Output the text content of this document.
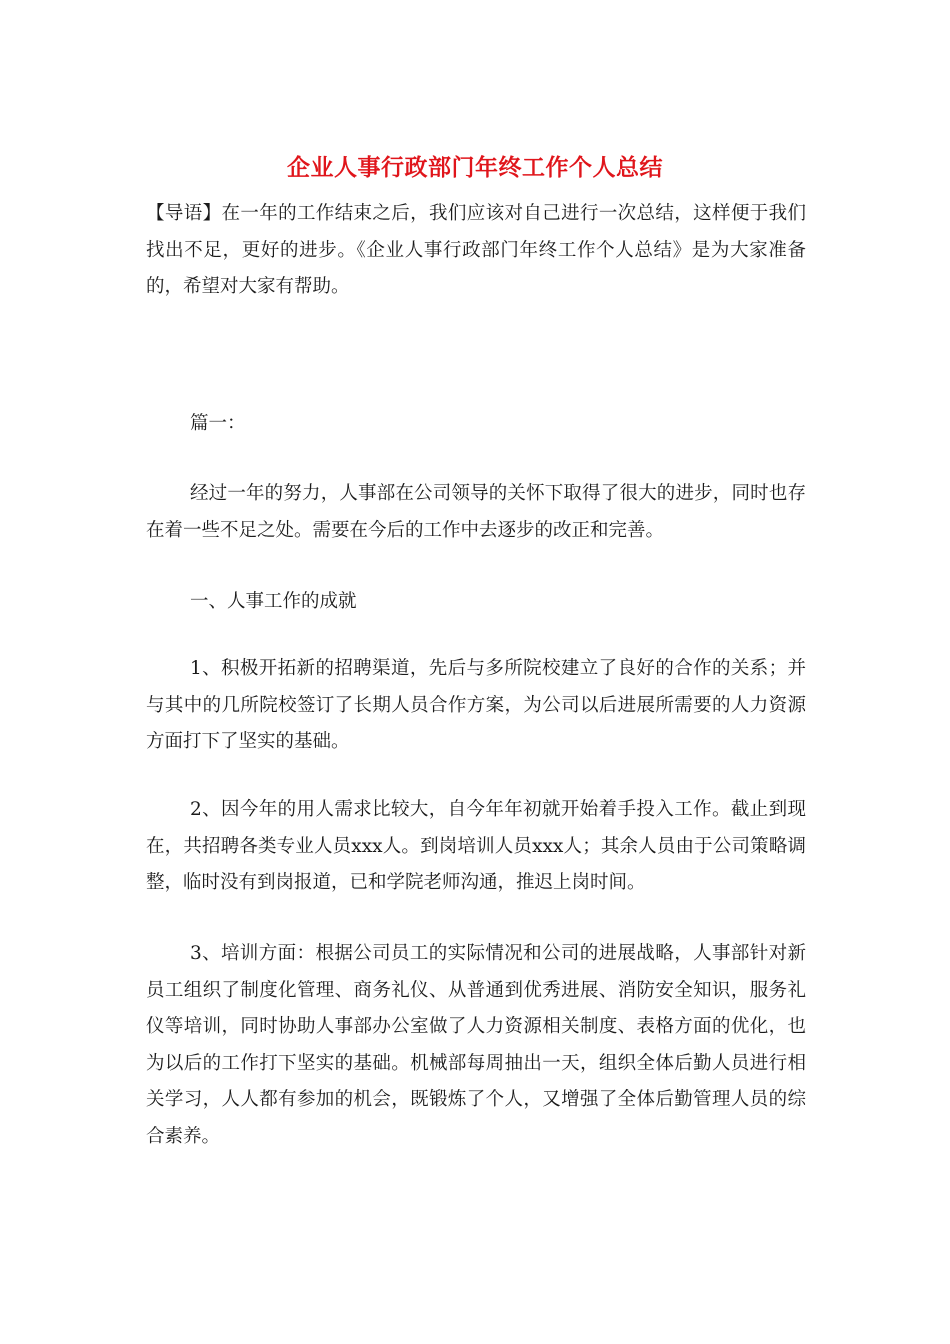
企业人事行政部门年终工作个人总结

【导语】在一年的工作结束之后，我们应该对自己进行一次总结，这样便于我们找出不足，更好的进步。《企业人事行政部门年终工作个人总结》是为大家准备的，希望对大家有帮助。

篇一：

经过一年的努力，人事部在公司领导的关怀下取得了很大的进步，同时也存在着一些不足之处。需要在今后的工作中去逐步的改正和完善。

一、人事工作的成就

1、积极开拓新的招聘渠道，先后与多所院校建立了良好的合作的关系；并与其中的几所院校签订了长期人员合作方案，为公司以后进展所需要的人力资源方面打下了坚实的基础。

2、因今年的用人需求比较大，自今年年初就开始着手投入工作。截止到现在，共招聘各类专业人员xxx人。到岗培训人员xxx人；其余人员由于公司策略调整，临时没有到岗报道，已和学院老师沟通，推迟上岗时间。

3、培训方面：根据公司员工的实际情况和公司的进展战略，人事部针对新员工组织了制度化管理、商务礼仪、从普通到优秀进展、消防安全知识，服务礼仪等培训，同时协助人事部办公室做了人力资源相关制度、表格方面的优化，也为以后的工作打下坚实的基础。机械部每周抽出一天，组织全体后勤人员进行相关学习，人人都有参加的机会，既锻炼了个人，又增强了全体后勤管理人员的综合素养。
